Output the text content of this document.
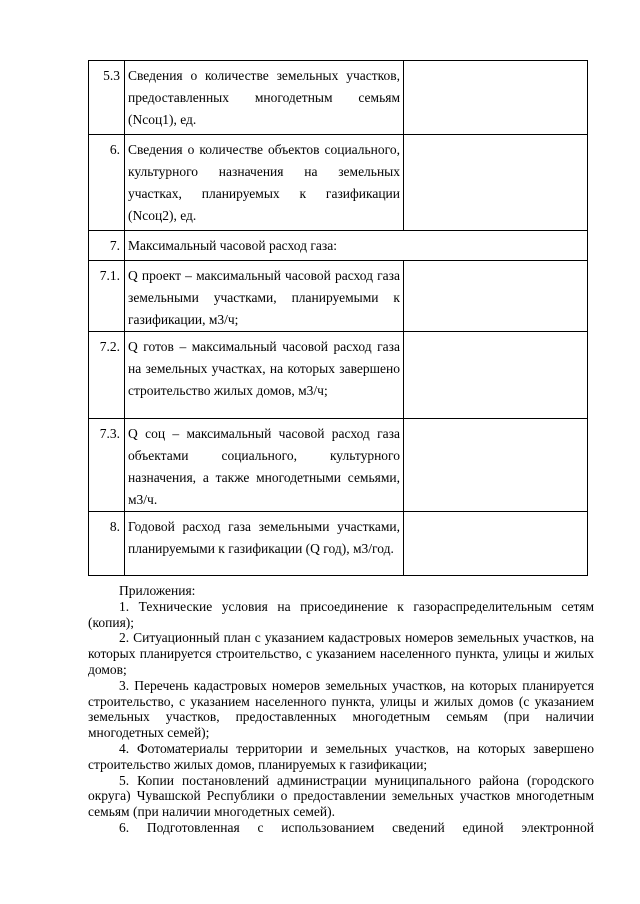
5.3	Сведения о количестве земельных участков, предоставленных многодетным семьям (Nсоц1), ед.	
6.	Сведения о количестве объектов социального, культурного назначения на земельных участках, планируемых к газификации (Nсоц2), ед.	
7.	Максимальный часовой расход газа:	
7.1.	Q проект – максимальный часовой расход газа земельными участками, планируемыми к газификации, м3/ч;	
7.2.	Q готов – максимальный часовой расход газа на земельных участках, на которых завершено строительство жилых домов, м3/ч;	
7.3.	Q соц – максимальный часовой расход газа объектами социального, культурного назначения, а также многодетными семьями, м3/ч.	
8.	Годовой расход газа земельными участками, планируемыми к газификации (Q год), м3/год.	

Приложения:

1. Технические условия на присоединение к газораспределительным сетям (копия);

2. Ситуационный план с указанием кадастровых номеров земельных участков, на которых планируется строительство, с указанием населенного пункта, улицы и жилых домов;

3. Перечень кадастровых номеров земельных участков, на которых планируется строительство, с указанием населенного пункта, улицы и жилых домов (с указанием земельных участков, предоставленных многодетным семьям (при наличии многодетных семей);

4. Фотоматериалы территории и земельных участков, на которых завершено строительство жилых домов, планируемых к газификации;

5. Копии постановлений администрации муниципального района (городского округа) Чувашской Республики о предоставлении земельных участков многодетным семьям (при наличии многодетных семей).

6. Подготовленная с использованием сведений единой электронной
